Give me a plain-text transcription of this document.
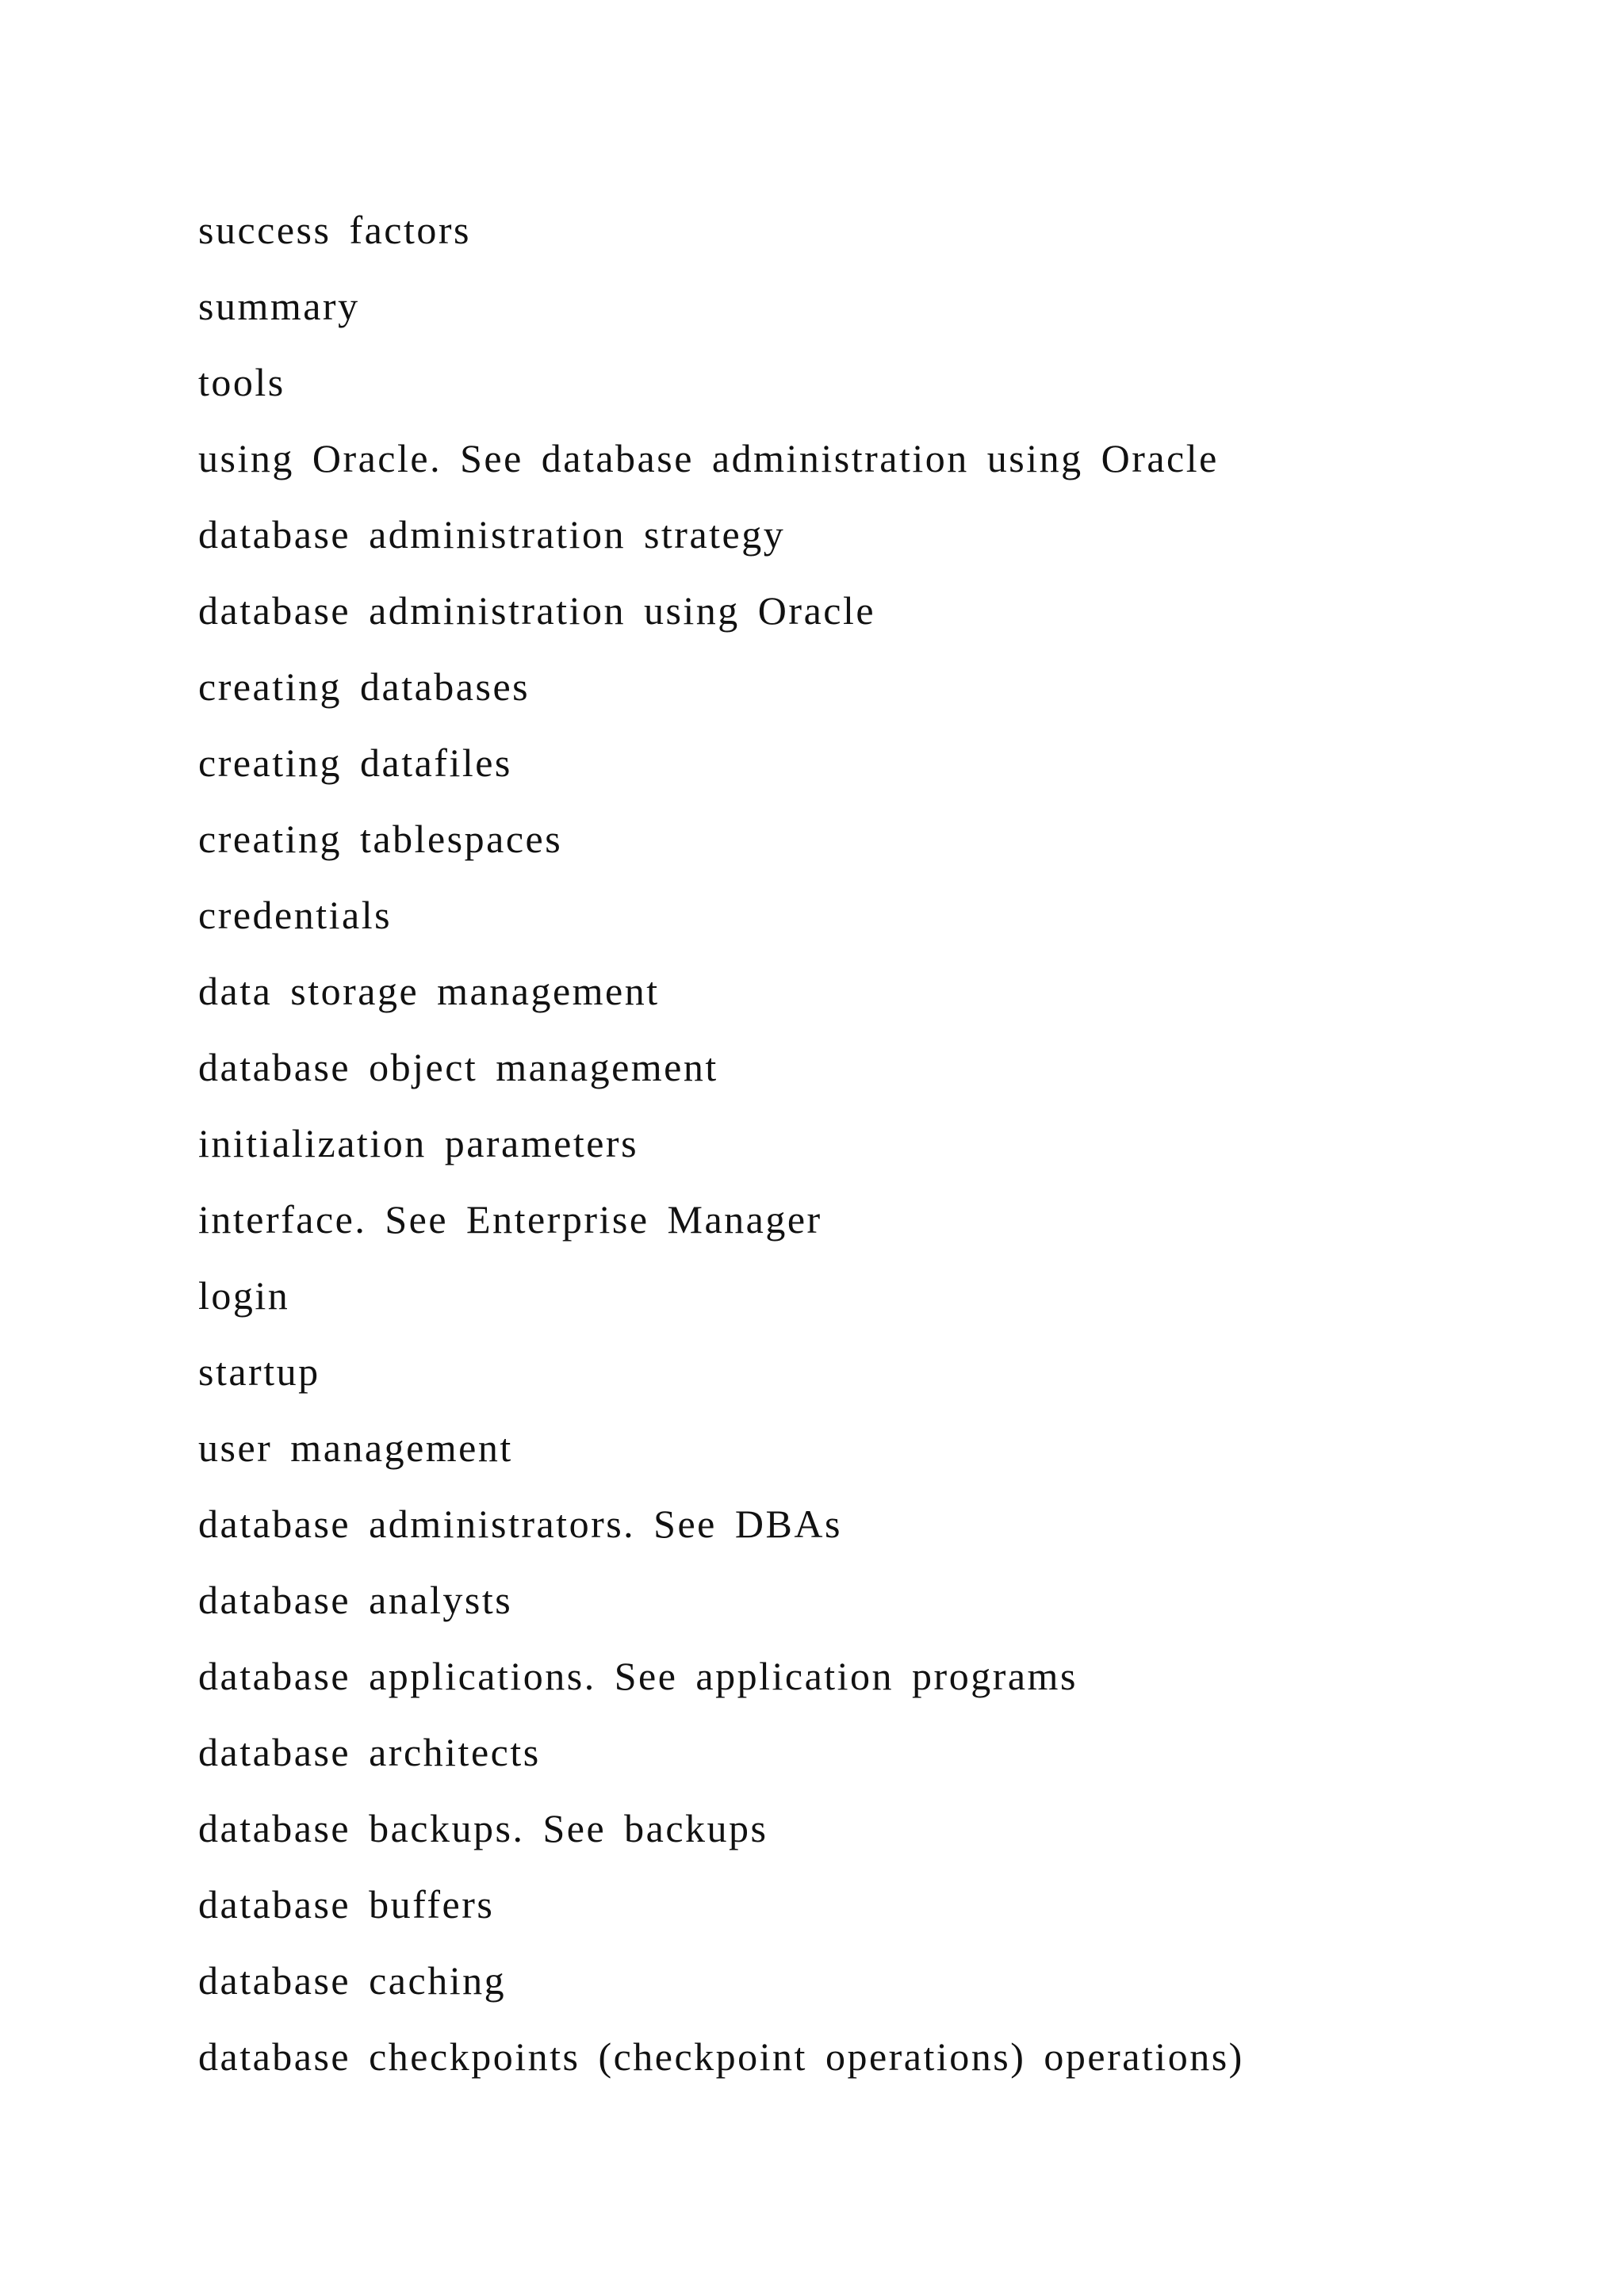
success factors
summary
tools
using Oracle. See database administration using Oracle
database administration strategy
database administration using Oracle
creating databases
creating datafiles
creating tablespaces
credentials
data storage management
database object management
initialization parameters
interface. See Enterprise Manager
login
startup
user management
database administrators. See DBAs
database analysts
database applications. See application programs
database architects
database backups. See backups
database buffers
database caching
database checkpoints (checkpoint operations) operations)
